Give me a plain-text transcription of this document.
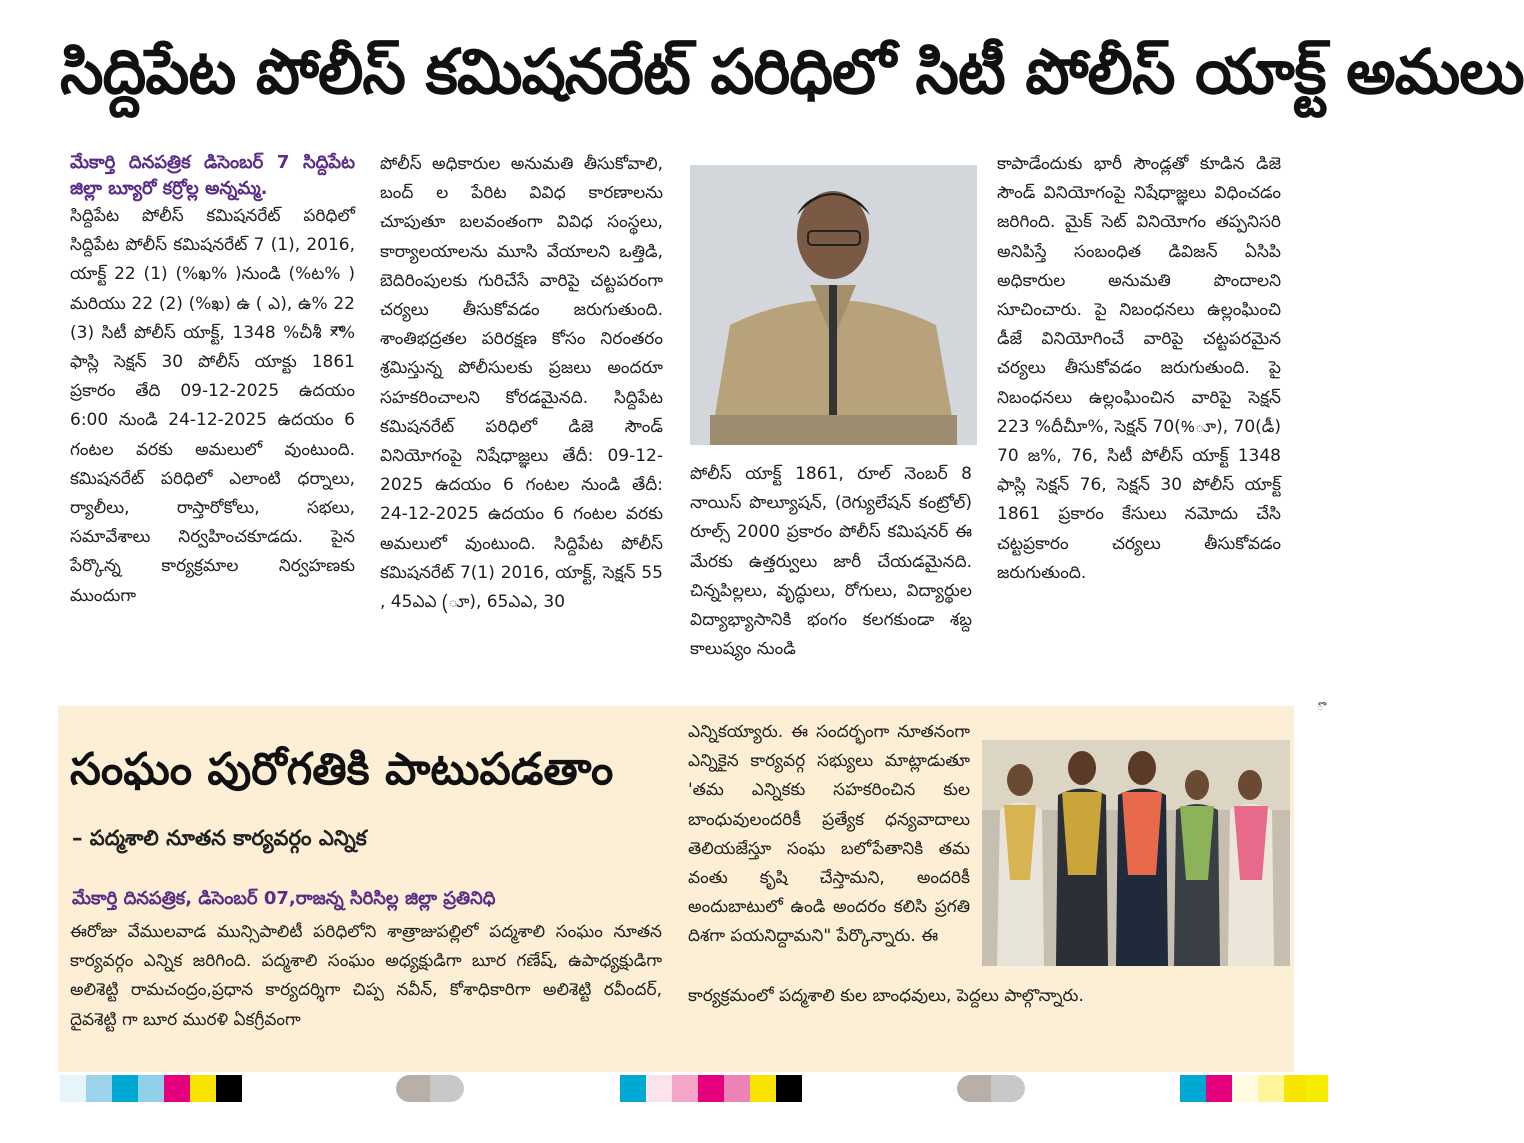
సిద్దిపేట పోలీస్ కమిషనరేట్ పరిధిలో సిటీ పోలీస్ యాక్ట్ అమలు

మేకార్తి దినపత్రిక డిసెంబర్ 7 సిద్దిపేట జిల్లా బ్యూరో కర్రోల్ల అన్నమ్మ.

సిద్దిపేట పోలీస్ కమిషనరేట్ పరిధిలో సిద్దిపేట పోలీస్ కమిషనరేట్ 7 (1), 2016, యాక్ట్ 22 (1) (%ఖ% )నుండి (%ట% ) మరియు 22 (2) (%ఖ) ఉ ( ఎ), ఉ% 22 (3) సిటీ పోలీస్ యాక్ట్, 1348 %చీశీ ×ౌ% ఫాస్లి సెక్షన్ 30 పోలీస్ యాక్టు 1861 ప్రకారం తేది 09-12-2025 ఉదయం 6:00 నుండి 24-12-2025 ఉదయం 6 గంటల వరకు అమలులో వుంటుంది. కమిషనరేట్ పరిధిలో ఎలాంటి ధర్నాలు, ర్యాలీలు, రాస్తారోకోలు, సభలు, సమావేశాలు నిర్వహించకూడదు. పైన పేర్కొన్న కార్యక్రమాల నిర్వహణకు ముందుగా

పోలీస్ అధికారుల అనుమతి తీసుకోవాలి, బంద్ ల పేరిట వివిధ కారణాలను చూపుతూ బలవంతంగా వివిధ సంస్థలు, కార్యాలయాలను మూసి వేయాలని ఒత్తిడి, బెదిరింపులకు గురిచేసే వారిపై చట్టపరంగా చర్యలు తీసుకోవడం జరుగుతుంది. శాంతిభద్రతల పరిరక్షణ కోసం నిరంతరం శ్రమిస్తున్న పోలీసులకు ప్రజలు అందరూ సహకరించాలని కోరడమైనది. సిద్దిపేట కమిషనరేట్ పరిధిలో డిజె సౌండ్ వినియోగంపై నిషేధాజ్ఞలు తేదీ: 09-12-2025 ఉదయం 6 గంటల నుండి తేదీ: 24-12-2025 ఉదయం 6 గంటల వరకు అమలులో వుంటుంది. సిద్దిపేట పోలీస్ కమిషనరేట్ 7(1) 2016, యాక్ట్, సెక్షన్ 55 , 45ఎఎ (ూ), 65ఎఎ, 30

పోలీస్ యాక్ట్ 1861, రూల్ నెంబర్ 8 నాయిస్ పొల్యూషన్, (రెగ్యులేషన్ కంట్రోల్) రూల్స్ 2000 ప్రకారం పోలీస్ కమిషనర్ ఈ మేరకు ఉత్తర్వులు జారీ చేయడమైనది. చిన్నపిల్లలు, వృద్ధులు, రోగులు, విద్యార్థుల విద్యాభ్యాసానికి భంగం కలగకుండా శబ్ద కాలుష్యం నుండి

కాపాడేందుకు భారీ సౌండ్లతో కూడిన డిజె సౌండ్ వినియోగంపై నిషేధాజ్ఞలు విధించడం జరిగింది. మైక్ సెట్ వినియోగం తప్పనిసరి అనిపిస్తే సంబంధిత డివిజన్ ఏసిపి అధికారుల అనుమతి పొందాలని సూచించారు. పై నిబంధనలు ఉల్లంఘించి డీజే వినియోగించే వారిపై చట్టపరమైన చర్యలు తీసుకోవడం జరుగుతుంది. పై నిబంధనలు ఉల్లంఘించిన వారిపై సెక్షన్ 223 %దీచీూ%, సెక్షన్ 70(%ూ), 70(డీ) 70 జ%, 76, సిటీ పోలీస్ యాక్ట్ 1348 ఫాస్లి సెక్షన్ 76, సెక్షన్ 30 పోలీస్ యాక్ట్ 1861 ప్రకారం కేసులు నమోదు చేసి చట్టప్రకారం చర్యలు తీసుకోవడం జరుగుతుంది.

సంఘం పురోగతికి పాటుపడతాం
– పద్మశాలి నూతన కార్యవర్గం ఎన్నిక
మేకార్తి దినపత్రిక, డిసెంబర్ 07,రాజన్న సిరిసిల్ల జిల్లా ప్రతినిధి

ఈరోజు వేములవాడ మున్సిపాలిటీ పరిధిలోని శాత్రాజుపల్లిలో పద్మశాలి సంఘం నూతన కార్యవర్గం ఎన్నిక జరిగింది. పద్మశాలి సంఘం అధ్యక్షుడిగా బూర గణేష్, ఉపాధ్యక్షుడిగా అలిశెట్టి రామచంద్రం,ప్రధాన కార్యదర్శిగా చిప్ప నవీన్, కోశాధికారిగా అలిశెట్టి రవీందర్, దైవశెట్టి గా బూర మురళి ఏకగ్రీవంగా

ఎన్నికయ్యారు. ఈ సందర్భంగా నూతనంగా ఎన్నికైన కార్యవర్గ సభ్యులు మాట్లాడుతూ 'తమ ఎన్నికకు సహకరించిన కుల బాంధువులందరికీ ప్రత్యేక ధన్యవాదాలు తెలియజేస్తూ సంఘ బలోపేతానికి తమ వంతు కృషి చేస్తామని, అందరికీ అందుబాటులో ఉండి అందరం కలిసి ప్రగతి దిశగా పయనిద్దామని" పేర్కొన్నారు. ఈ

కార్యక్రమంలో పద్మశాలి కుల బాంధవులు, పెద్దలు పాల్గొన్నారు.

ొ
